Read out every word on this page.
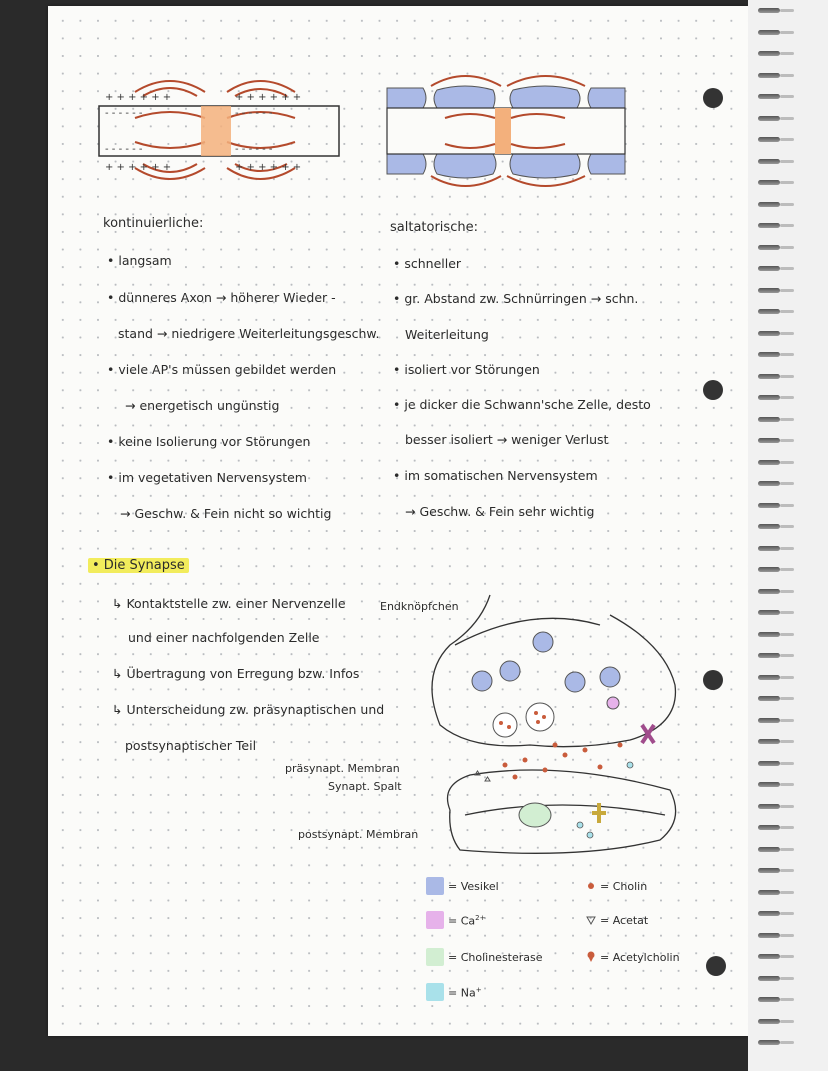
+ + + + + +	+ + + + + +
- - - - - -	- - - - - -
- - - - - -	- - - - - -
+ + + + + +	+ + + + + +
kontinuierliche:
• langsam
• dünneres Axon → höherer Wieder -
stand → niedrigere Weiterleitungsgeschw.
• viele AP's müssen gebildet werden
→ energetisch ungünstig
• keine Isolierung vor Störungen
• im vegetativen Nervensystem
→ Geschw. & Fein nicht so wichtig
saltatorische:
• schneller
• gr. Abstand zw. Schnürringen → schn.
Weiterleitung
• isoliert vor Störungen
• je dicker die Schwann'sche Zelle, desto
besser isoliert → weniger Verlust
• im somatischen Nervensystem
→ Geschw. & Fein sehr wichtig
• Die Synapse
↳ Kontaktstelle zw. einer Nervenzelle
und einer nachfolgenden Zelle
↳ Übertragung von Erregung bzw. Infos
↳ Unterscheidung zw. präsynaptischen und
postsynaptischer Teil
Endknöpfchen
präsynapt. Membran
Synapt. Spalt
postsynapt. Membran
= Vesikel
= $Ca^{2+}$
= Cholinesterase
= Na+
= Cholin
= Acetat
= Acetylcholin
